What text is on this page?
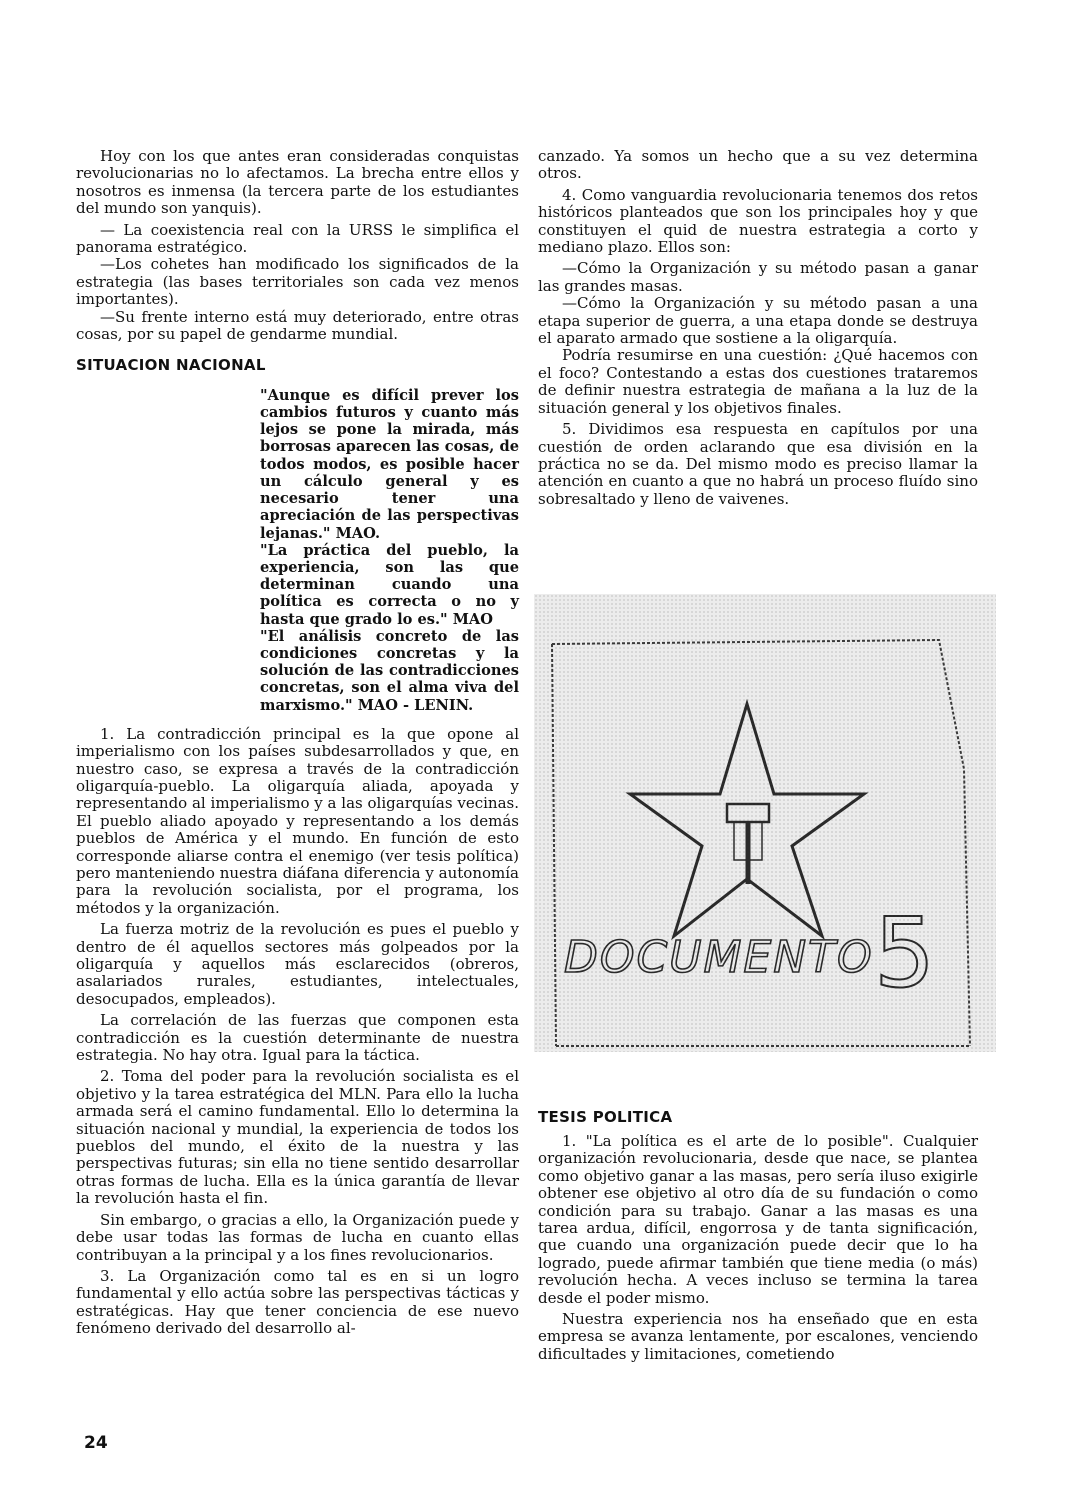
Hoy con los que antes eran consideradas conquistas revolucionarias no lo afectamos. La brecha entre ellos y nosotros es inmensa (la tercera parte de los estudiantes del mundo son yanquis).

— La coexistencia real con la URSS le simplifica el panorama estratégico.

—Los cohetes han modificado los significados de la estrategia (las bases territoriales son cada vez menos importantes).

—Su frente interno está muy deteriorado, entre otras cosas, por su papel de gendarme mundial.

SITUACION NACIONAL

"Aunque es difícil prever los cambios futuros y cuanto más lejos se pone la mirada, más borrosas aparecen las cosas, de todos modos, es posible hacer un cálculo general y es necesario tener una apreciación de las perspectivas lejanas." MAO.

"La práctica del pueblo, la experiencia, son las que determinan cuando una política es correcta o no y hasta que grado lo es." MAO

"El análisis concreto de las condiciones concretas y la solución de las contradicciones concretas, son el alma viva del marxismo." MAO - LENIN.

1. La contradicción principal es la que opone al imperialismo con los países subdesarrollados y que, en nuestro caso, se expresa a través de la contradicción oligarquía-pueblo. La oligarquía aliada, apoyada y representando al imperialismo y a las oligarquías vecinas. El pueblo aliado apoyado y representando a los demás pueblos de América y el mundo. En función de esto corresponde aliarse contra el enemigo (ver tesis política) pero manteniendo nuestra diáfana diferencia y autonomía para la revolución socialista, por el programa, los métodos y la organización.

La fuerza motriz de la revolución es pues el pueblo y dentro de él aquellos sectores más golpeados por la oligarquía y aquellos más esclarecidos (obreros, asalariados rurales, estudiantes, intelectuales, desocupados, empleados).

La correlación de las fuerzas que componen esta contradicción es la cuestión determinante de nuestra estrategia. No hay otra. Igual para la táctica.

2. Toma del poder para la revolución socialista es el objetivo y la tarea estratégica del MLN. Para ello la lucha armada será el camino fundamental. Ello lo determina la situación nacional y mundial, la experiencia de todos los pueblos del mundo, el éxito de la nuestra y las perspectivas futuras; sin ella no tiene sentido desarrollar otras formas de lucha. Ella es la única garantía de llevar la revolución hasta el fin.

Sin embargo, o gracias a ello, la Organización puede y debe usar todas las formas de lucha en cuanto ellas contribuyan a la principal y a los fines revolucionarios.

3. La Organización como tal es en si un logro fundamental y ello actúa sobre las perspectivas tácticas y estratégicas. Hay que tener conciencia de ese nuevo fenómeno derivado del desarrollo al-

canzado. Ya somos un hecho que a su vez determina otros.

4. Como vanguardia revolucionaria tenemos dos retos históricos planteados que son los principales hoy y que constituyen el quid de nuestra estrategia a corto y mediano plazo. Ellos son:

—Cómo la Organización y su método pasan a ganar las grandes masas.

—Cómo la Organización y su método pasan a una etapa superior de guerra, a una etapa donde se destruya el aparato armado que sostiene a la oligarquía.

Podría resumirse en una cuestión: ¿Qué hacemos con el foco? Contestando a estas dos cuestiones trataremos de definir nuestra estrategia de mañana a la luz de la situación general y los objetivos finales.

5. Dividimos esa respuesta en capítulos por una cuestión de orden aclarando que esa división en la práctica no se da. Del mismo modo es preciso llamar la atención en cuanto a que no habrá un proceso fluído sino sobresaltado y lleno de vaivenes.

DOCUMENTO 5
TESIS POLITICA

1. "La política es el arte de lo posible". Cualquier organización revolucionaria, desde que nace, se plantea como objetivo ganar a las masas, pero sería iluso exigirle obtener ese objetivo al otro día de su fundación o como condición para su trabajo. Ganar a las masas es una tarea ardua, difícil, engorrosa y de tanta significación, que cuando una organización puede decir que lo ha logrado, puede afirmar también que tiene media (o más) revolución hecha. A veces incluso se termina la tarea desde el poder mismo.

Nuestra experiencia nos ha enseñado que en esta empresa se avanza lentamente, por escalones, venciendo dificultades y limitaciones, cometiendo

24
